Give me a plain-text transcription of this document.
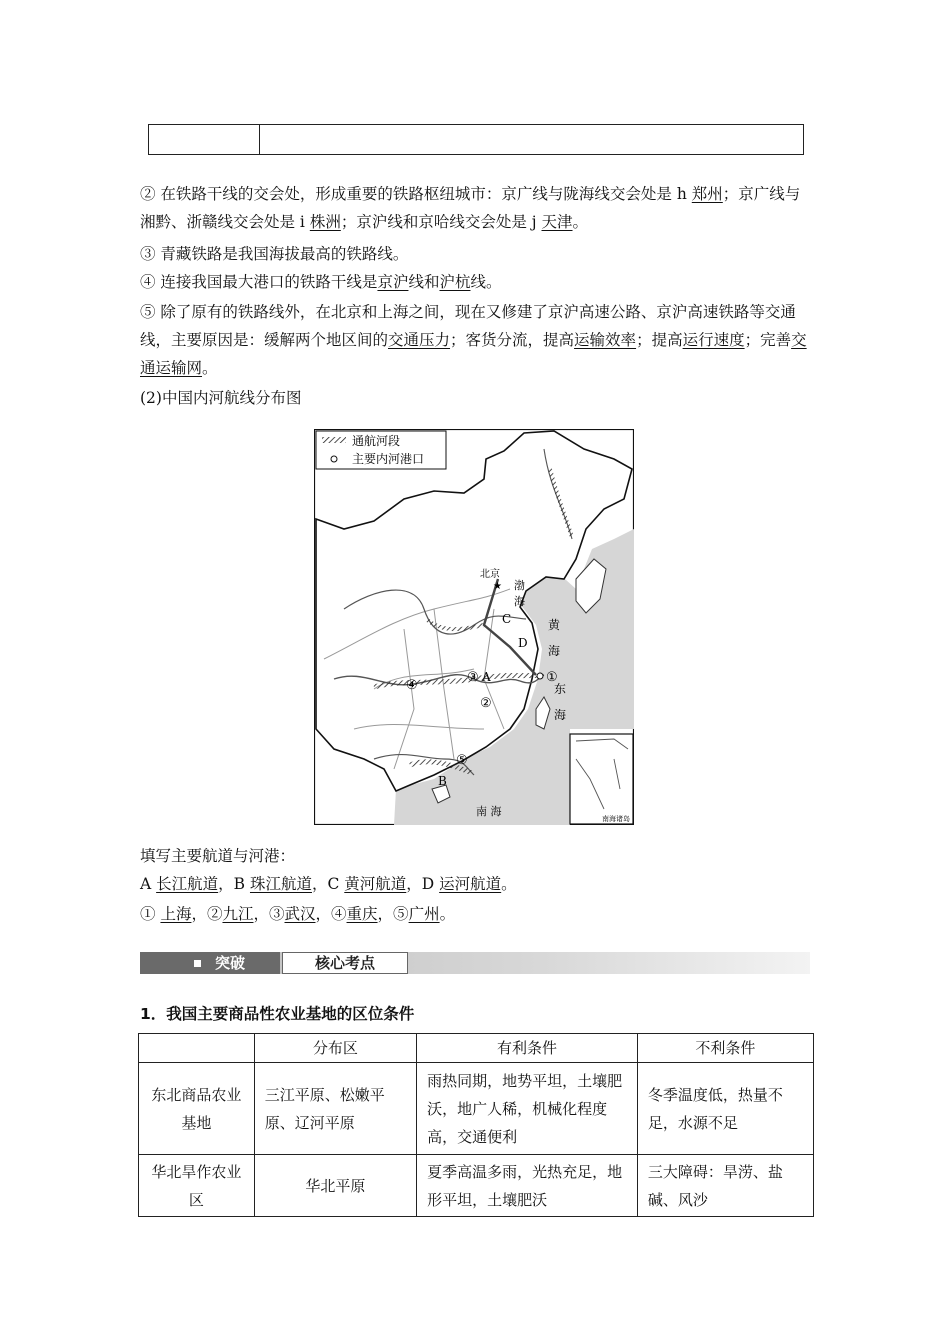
② 在铁路干线的交会处，形成重要的铁路枢纽城市：京广线与陇海线交会处是 h 郑州；京广线与湘黔、浙赣线交会处是 i 株洲；京沪线和京哈线交会处是 j 天津。
③ 青藏铁路是我国海拔最高的铁路线。
④ 连接我国最大港口的铁路干线是京沪线和沪杭线。
⑤ 除了原有的铁路线外，在北京和上海之间，现在又修建了京沪高速公路、京沪高速铁路等交通线，主要原因是：缓解两个地区间的交通压力；客货分流，提高运输效率；提高运行速度；完善交通运输网。
(2)中国内河航线分布图
通航河段
主要内河港口
北京
★ 渤
海
黄
海
东
海
南 海
A
B
C
D
①
②
③
④
⑤
南海诸岛
填写主要航道与河港：
A 长江航道，B 珠江航道，C 黄河航道，D 运河航道。
① 上海，②九江，③武汉，④重庆，⑤广州。
突破	核心考点
1．我国主要商品性农业基地的区位条件
	分布区	有利条件	不利条件
东北商品农业基地	三江平原、松嫩平原、辽河平原	雨热同期，地势平坦，土壤肥沃，地广人稀，机械化程度高，交通便利	冬季温度低，热量不足，水源不足
华北旱作农业区	华北平原	夏季高温多雨，光热充足，地形平坦，土壤肥沃	三大障碍：旱涝、盐碱、风沙
